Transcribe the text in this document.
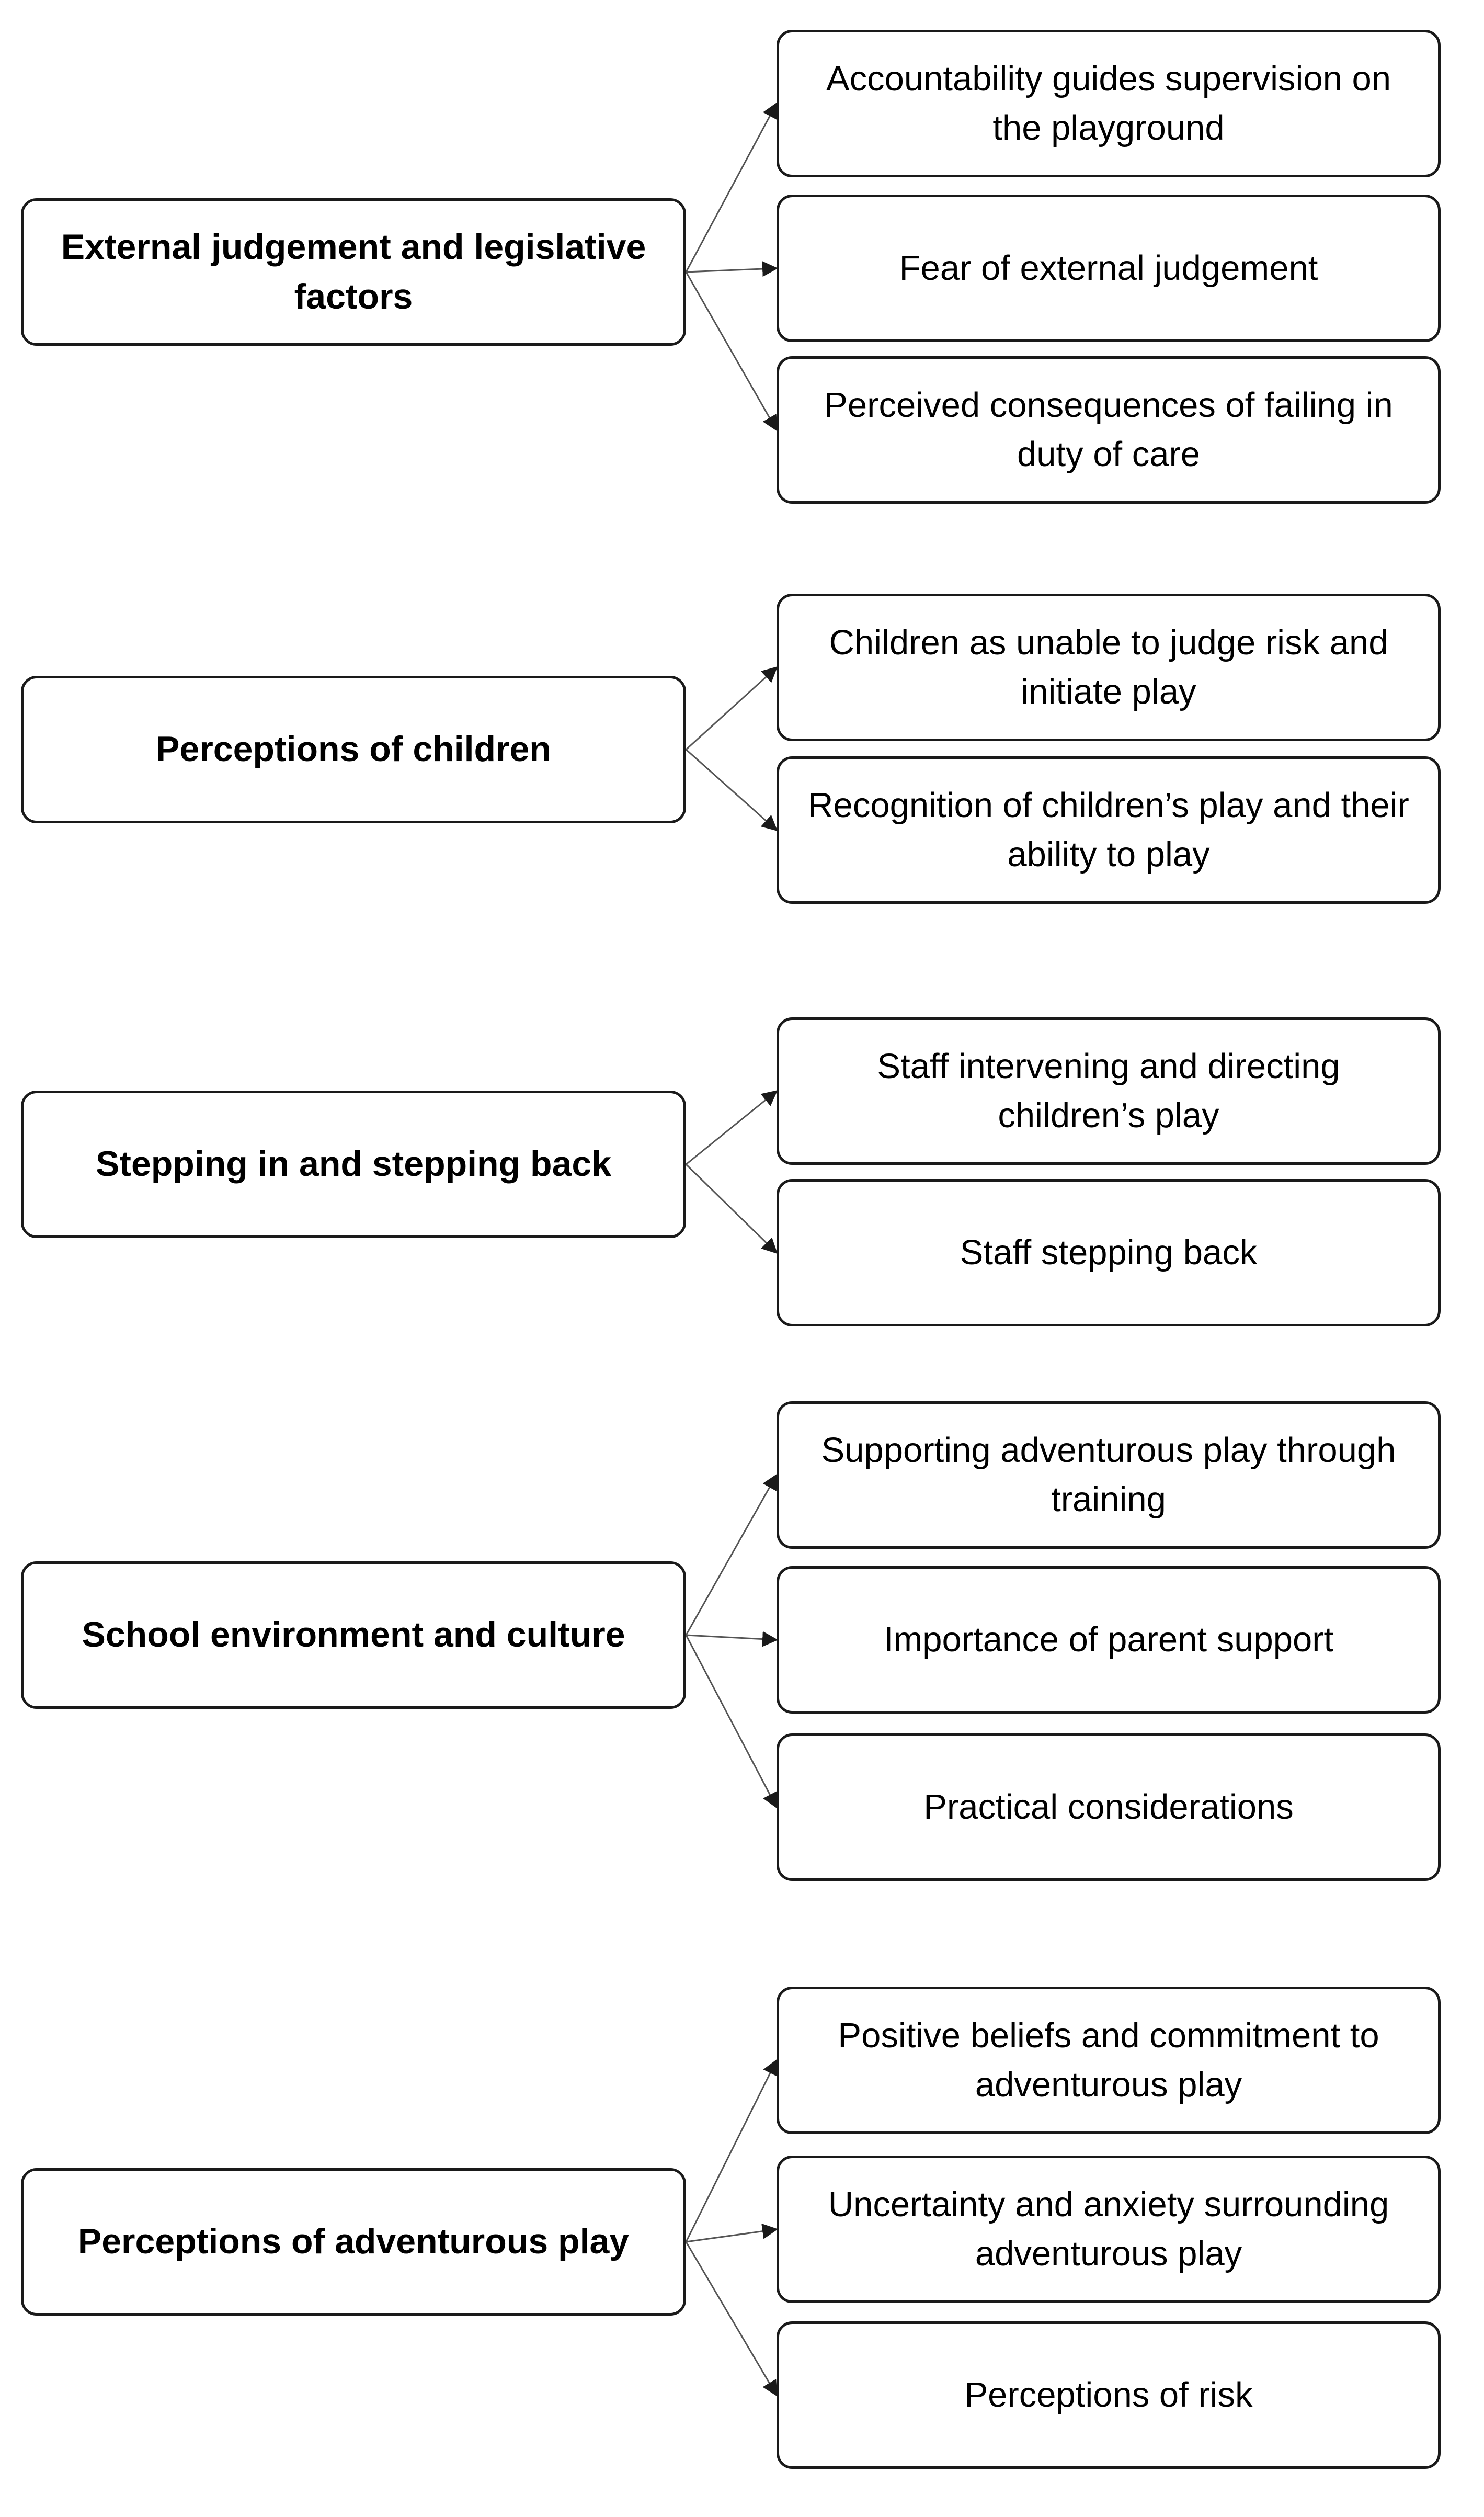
External judgement and legislative factors
Accountability guides supervision on the playground
Fear of external judgement
Perceived consequences of failing in duty of care
Perceptions of children
Children as unable to judge risk and initiate play
Recognition of children’s play and their ability to play
Stepping in and stepping back
Staff intervening and directing children’s play
Staff stepping back
School environment and culture
Supporting adventurous play through training
Importance of parent support
Practical considerations
Perceptions of adventurous play
Positive beliefs and commitment to adventurous play
Uncertainty and anxiety surrounding adventurous play
Perceptions of risk
